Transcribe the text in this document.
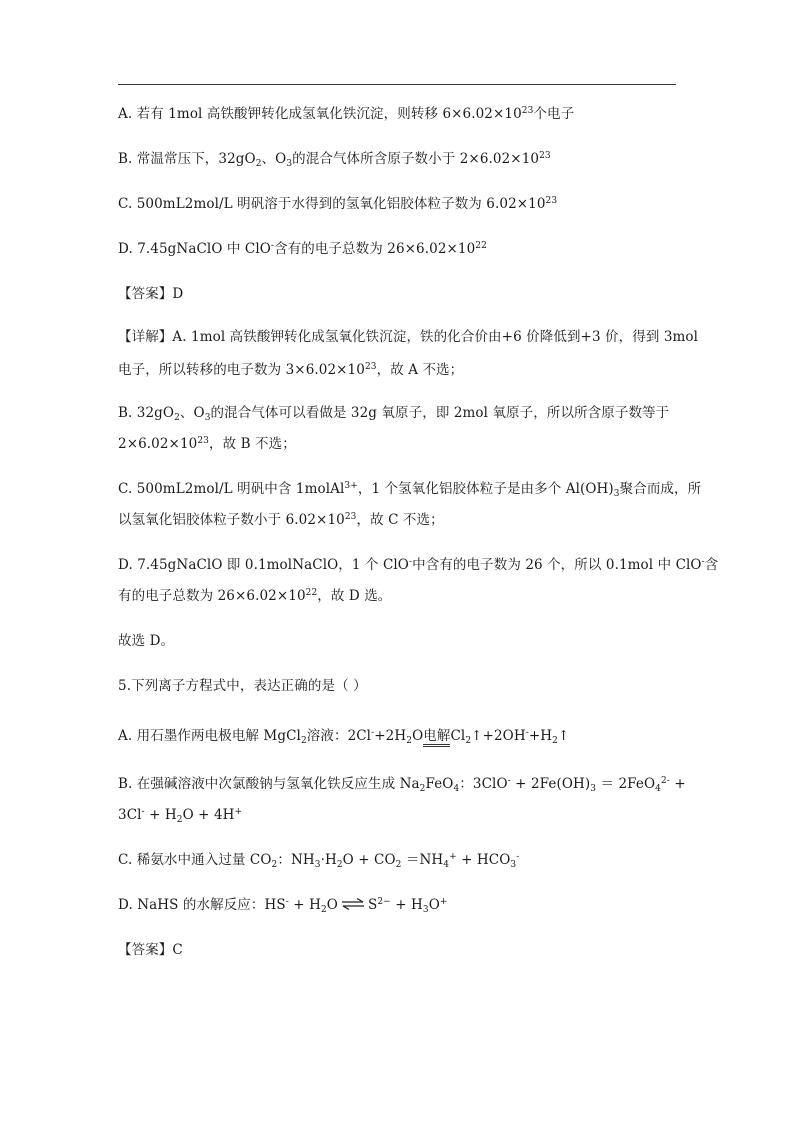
A. 若有 1mol 高铁酸钾转化成氢氧化铁沉淀，则转移 $6\times 6.02\times 10^{23}$个电子
B. 常温常压下，$32gO_2$、$O_3$的混合气体所含原子数小于 $2\times 6.02\times 10^{23}$
C. 500mL2mol/L 明矾溶于水得到的氢氧化铝胶体粒子数为 $6.02\times 10^{23}$
D. 7.45gNaClO 中 ClO-含有的电子总数为 $26\times 6.02\times 10^{22}$
【答案】D
【详解】A. 1mol 高铁酸钾转化成氢氧化铁沉淀，铁的化合价由+6 价降低到+3 价，得到 3mol
电子，所以转移的电子数为 $3\times 6.02\times 10^{23}$，故 A 不选；
B. $32gO_2$、$O_3$的混合气体可以看做是 32g 氧原子，即 2mol 氧原子，所以所含原子数等于
$2\times 6.02\times 10^{23}$，故 B 不选；
C. 500mL2mol/L 明矾中含 1molAl$^{3+}$，1 个氢氧化铝胶体粒子是由多个 $Al(OH)_3$聚合而成，所
以氢氧化铝胶体粒子数小于 $6.02\times 10^{23}$，故 C 不选；
D. 7.45gNaClO 即 0.1molNaClO，1 个 ClO-中含有的电子数为 26 个，所以 0.1mol 中 ClO-含
有的电子总数为 $26\times 6.02\times 10^{22}$，故 D 选。
故选 D。
5.下列离子方程式中，表达正确的是（ ）
A. 用石墨作两电极电解 MgCl$_2$溶液：$2Cl^-+2H_2O$电解$Cl_2↑+2OH^-+H_2↑$
B. 在强碱溶液中次氯酸钠与氢氧化铁反应生成 $Na_2FeO_4$：$3ClO^- + 2Fe(OH)_3 = 2FeO_4^{2-}$ +
$3Cl^- + H_2O + 4H^+$
C. 稀氨水中通入过量 $CO_2$：$NH_3\cdot H_2O + CO_2 =NH_4^+ + HCO_3^-$
D. NaHS 的水解反应：$HS^- + H_2O$ ⇌ $S^{2-} + H_3O^+$
【答案】C
